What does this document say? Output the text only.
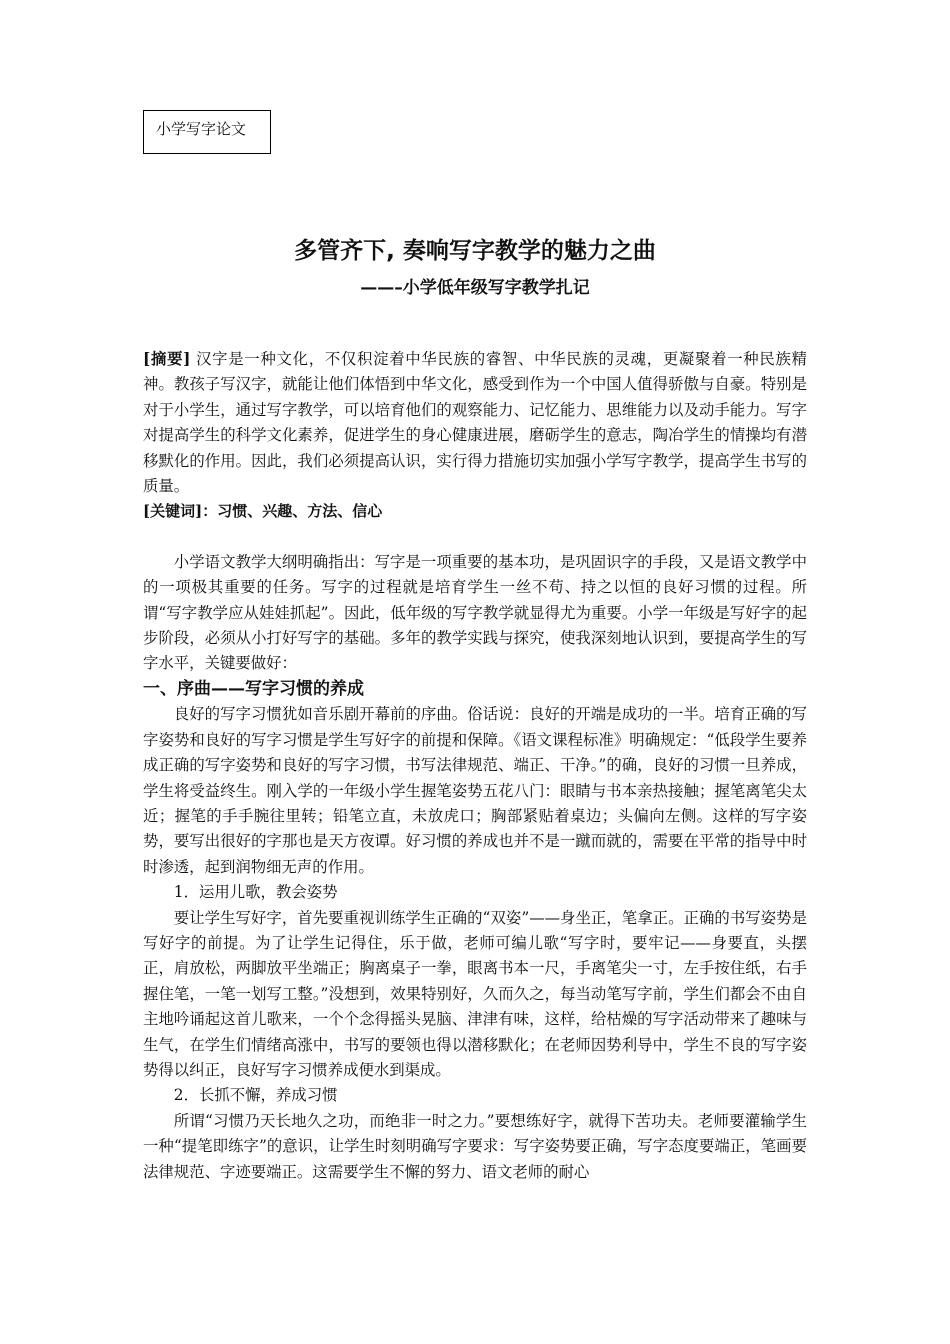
小学写字论文
多管齐下, 奏响写字教学的魅力之曲
——–小学低年级写字教学扎记

[摘要] 汉字是一种文化，不仅积淀着中华民族的睿智、中华民族的灵魂，更凝聚着一种民族精神。教孩子写汉字，就能让他们体悟到中华文化，感受到作为一个中国人值得骄傲与自豪。特别是对于小学生，通过写字教学，可以培育他们的观察能力、记忆能力、思维能力以及动手能力。写字对提高学生的科学文化素养，促进学生的身心健康进展，磨砺学生的意志，陶冶学生的情操均有潜移默化的作用。因此，我们必须提高认识，实行得力措施切实加强小学写字教学，提高学生书写的质量。

[关键词]：习惯、兴趣、方法、信心

小学语文教学大纲明确指出：写字是一项重要的基本功，是巩固识字的手段，又是语文教学中的一项极其重要的任务。写字的过程就是培育学生一丝不苟、持之以恒的良好习惯的过程。所谓“写字教学应从娃娃抓起”。因此，低年级的写字教学就显得尤为重要。小学一年级是写好字的起步阶段，必须从小打好写字的基础。多年的教学实践与探究，使我深刻地认识到，要提高学生的写字水平，关键要做好：

一、序曲——写字习惯的养成

良好的写字习惯犹如音乐剧开幕前的序曲。俗话说：良好的开端是成功的一半。培育正确的写字姿势和良好的写字习惯是学生写好字的前提和保障。《语文课程标准》明确规定：“低段学生要养成正确的写字姿势和良好的写字习惯，书写法律规范、端正、干净。”的确，良好的习惯一旦养成，学生将受益终生。刚入学的一年级小学生握笔姿势五花八门：眼睛与书本亲热接触；握笔离笔尖太近；握笔的手手腕往里转；铅笔立直，未放虎口；胸部紧贴着桌边；头偏向左侧。这样的写字姿势，要写出很好的字那也是天方夜谭。好习惯的养成也并不是一蹴而就的，需要在平常的指导中时时渗透，起到润物细无声的作用。

1．运用儿歌，教会姿势

要让学生写好字，首先要重视训练学生正确的“双姿”——身坐正，笔拿正。正确的书写姿势是写好字的前提。为了让学生记得住，乐于做，老师可编儿歌“写字时，要牢记——身要直，头摆正，肩放松，两脚放平坐端正；胸离桌子一拳，眼离书本一尺，手离笔尖一寸，左手按住纸，右手握住笔，一笔一划写工整。”没想到，效果特别好，久而久之，每当动笔写字前，学生们都会不由自主地吟诵起这首儿歌来，一个个念得摇头晃脑、津津有味，这样，给枯燥的写字活动带来了趣味与生气，在学生们情绪高涨中，书写的要领也得以潜移默化；在老师因势利导中，学生不良的写字姿势得以纠正，良好写字习惯养成便水到渠成。

2．长抓不懈，养成习惯

所谓“习惯乃天长地久之功，而绝非一时之力。”要想练好字，就得下苦功夫。老师要灌输学生一种“提笔即练字”的意识，让学生时刻明确写字要求：写字姿势要正确，写字态度要端正，笔画要法律规范、字迹要端正。这需要学生不懈的努力、语文老师的耐心
